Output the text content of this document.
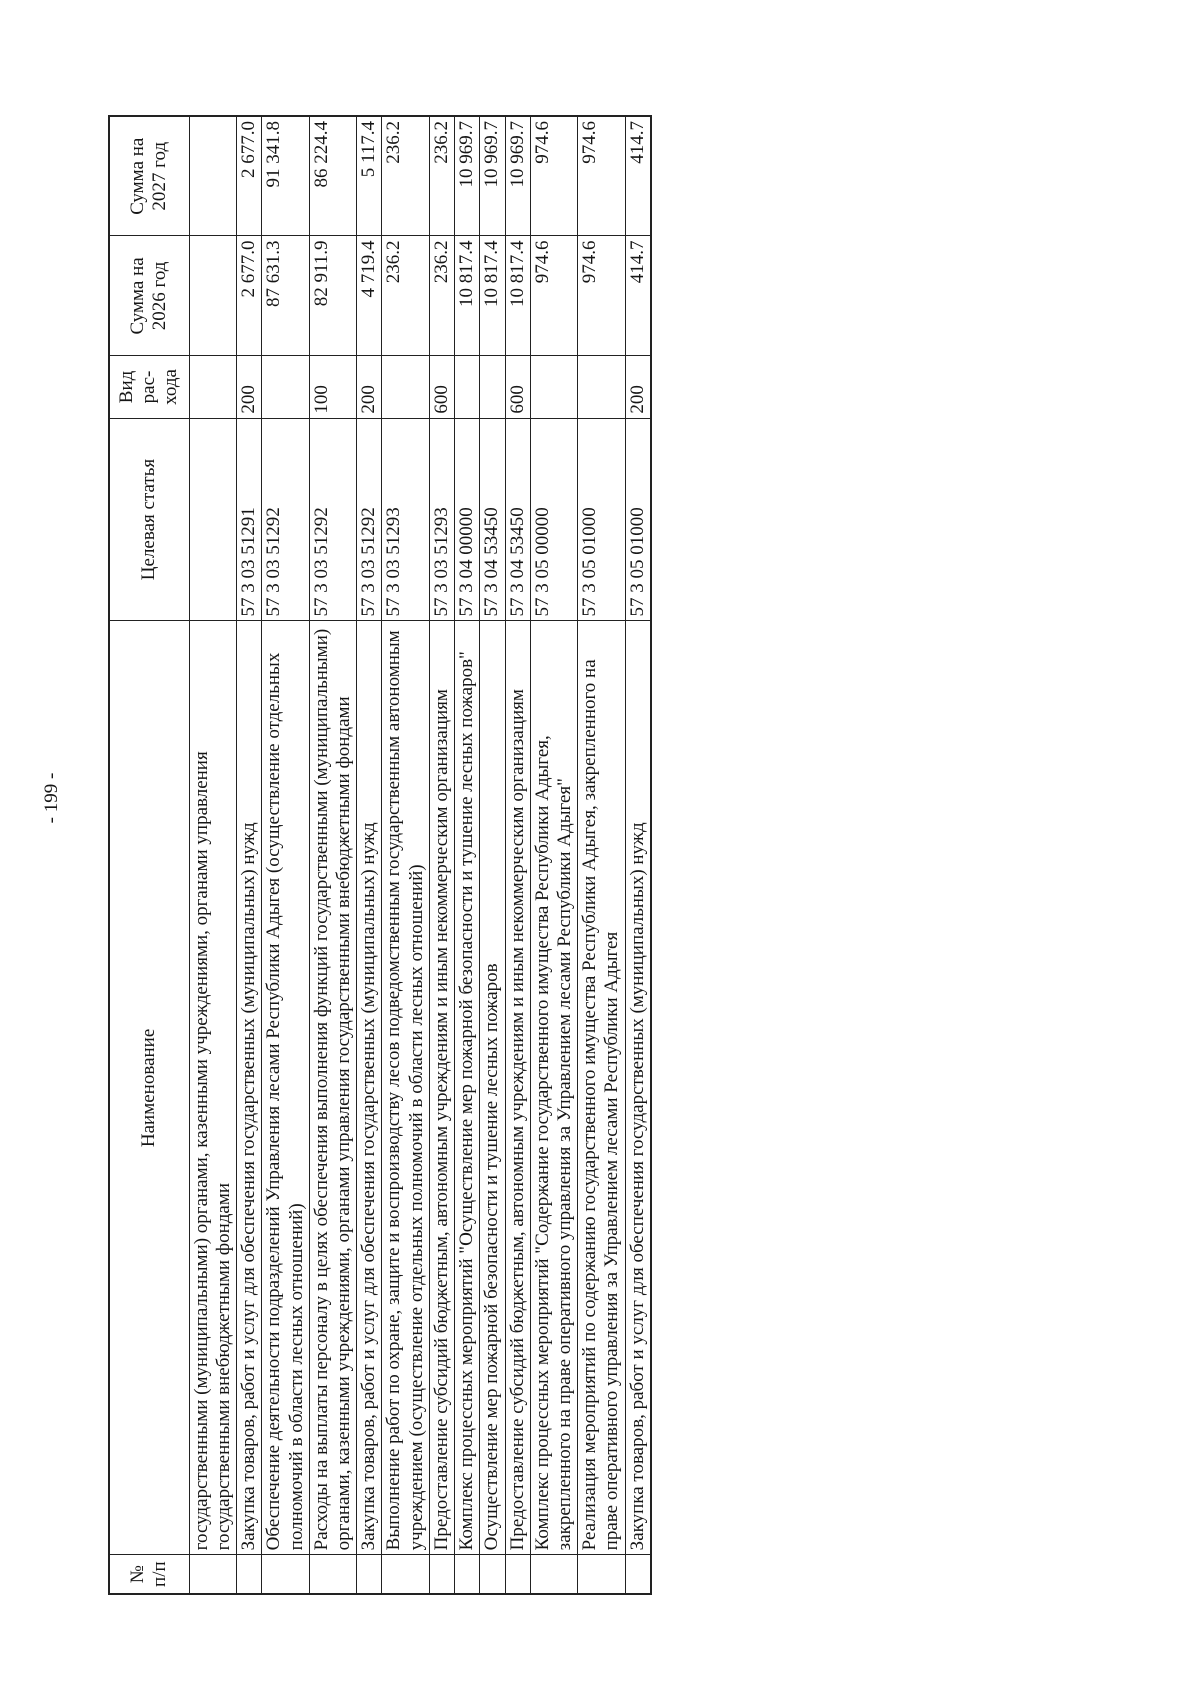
- 199 -
№ п/п	Наименование	Целевая статья	Вид рас-хода	Сумма на 2026 год	Сумма на 2027 год
	государственными (муниципальными) органами, казенными учреждениями, органами управления государственными внебюджетными фондами				
	Закупка товаров, работ и услуг для обеспечения государственных (муниципальных) нужд	57 3 03 51291	200	2 677.0	2 677.0
	Обеспечение деятельности подразделений Управления лесами Республики Адыгея (осуществление отдельных полномочий в области лесных отношений)	57 3 03 51292		87 631.3	91 341.8
	Расходы на выплаты персоналу в целях обеспечения выполнения функций государственными (муниципальными) органами, казенными учреждениями, органами управления государственными внебюджетными фондами	57 3 03 51292	100	82 911.9	86 224.4
	Закупка товаров, работ и услуг для обеспечения государственных (муниципальных) нужд	57 3 03 51292	200	4 719.4	5 117.4
	Выполнение работ по охране, защите и воспроизводству лесов подведомственным государственным автономным учреждением (осуществление отдельных полномочий в области лесных отношений)	57 3 03 51293		236.2	236.2
	Предоставление субсидий бюджетным, автономным учреждениям и иным некоммерческим организациям	57 3 03 51293	600	236.2	236.2
	Комплекс процессных мероприятий "Осуществление мер пожарной безопасности и тушение лесных пожаров"	57 3 04 00000		10 817.4	10 969.7
	Осуществление мер пожарной безопасности и тушение лесных пожаров	57 3 04 53450		10 817.4	10 969.7
	Предоставление субсидий бюджетным, автономным учреждениям и иным некоммерческим организациям	57 3 04 53450	600	10 817.4	10 969.7
	Комплекс процессных мероприятий "Содержание государственного имущества Республики Адыгея, закрепленного на праве оперативного управления за Управлением лесами Республики Адыгея"	57 3 05 00000		974.6	974.6
	Реализация мероприятий по содержанию государственного имущества Республики Адыгея, закрепленного на праве оперативного управления за Управлением лесами Республики Адыгея	57 3 05 01000		974.6	974.6
	Закупка товаров, работ и услуг для обеспечения государственных (муниципальных) нужд	57 3 05 01000	200	414.7	414.7
